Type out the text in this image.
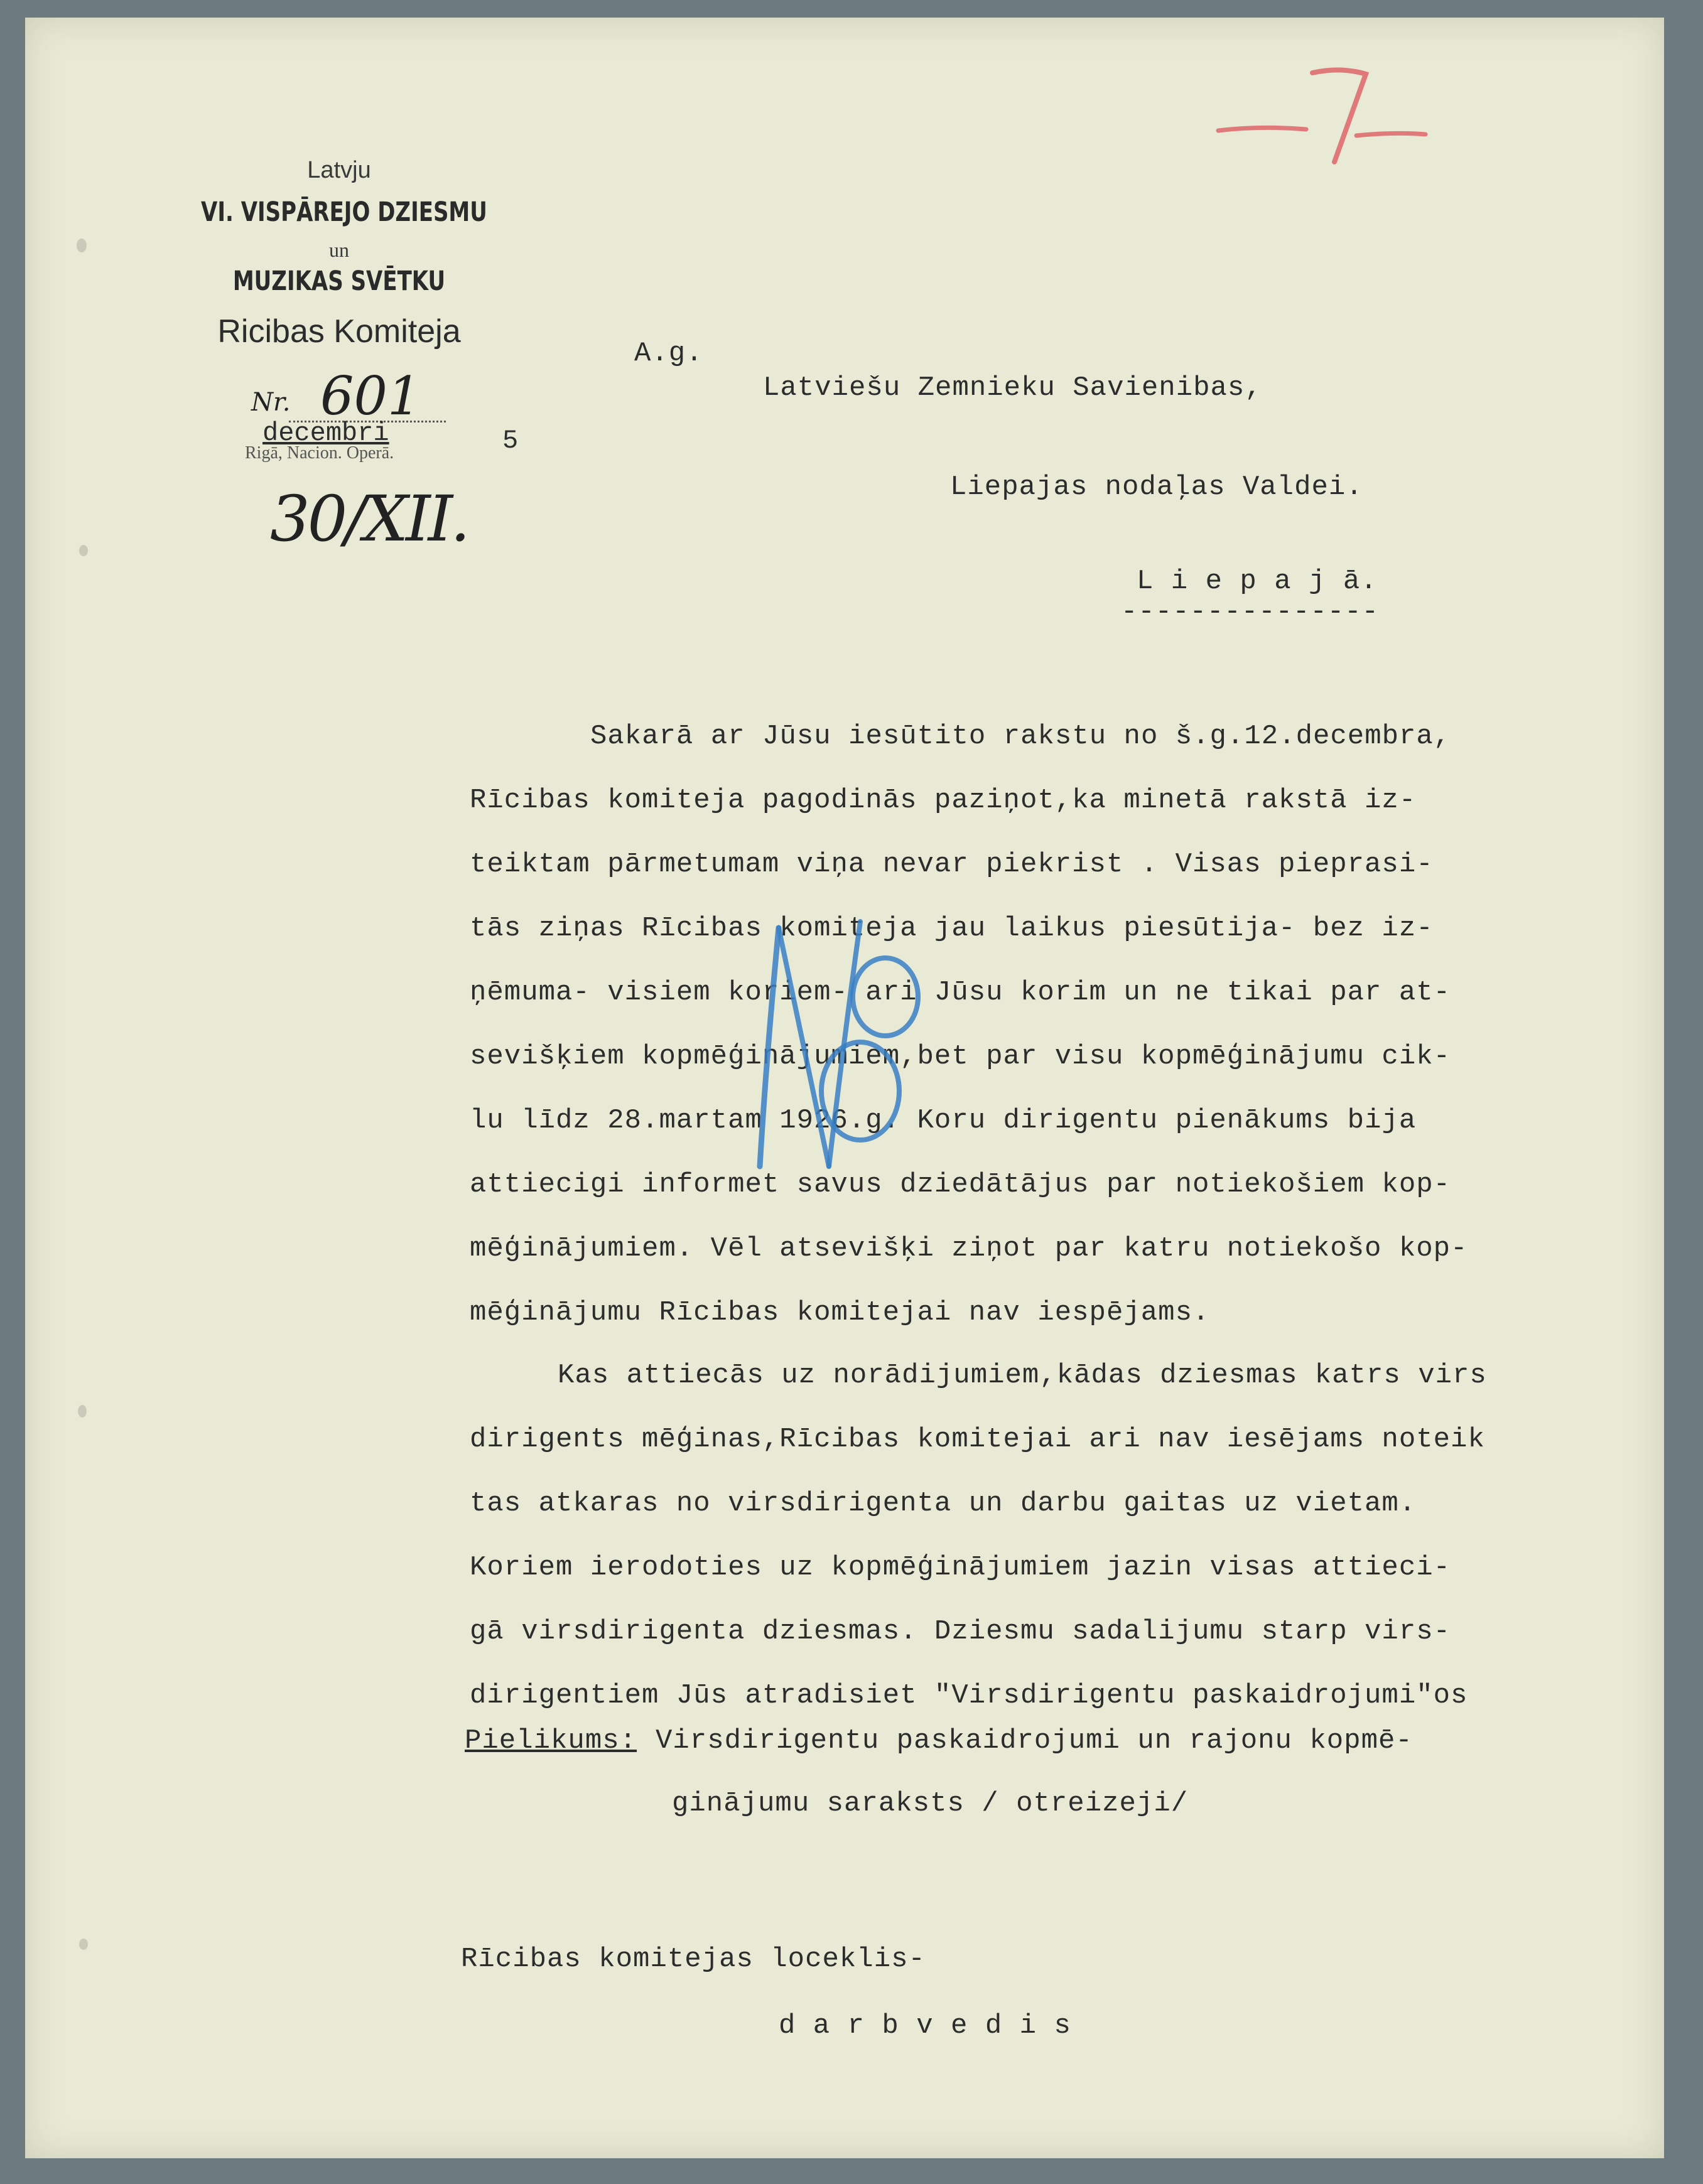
Latvju
VI. VISPĀREJO DZIESMU
un
MUZIKAS SVĒTKU
Ricibas Komiteja
Nr. 601
decembri	5
Rigā, Nacion. Operā.
30/XII.
A.g.
Latviešu Zemnieku Savienibas,
Liepajas nodaļas Valdei.
L i e p a j ā.
---------------
Sakarā ar Jūsu iesūtito rakstu no š.g.12.decembra,
Rīcibas komiteja pagodinās paziņot,ka minetā rakstā iz-
teiktam pārmetumam viņa nevar piekrist . Visas pieprasi-
tās ziņas Rīcibas komiteja jau laikus piesūtija- bez iz-
ņēmuma- visiem koriem- ari Jūsu korim un ne tikai par at-
sevišķiem kopmēģinājumiem,bet par visu kopmēģinājumu cik-
lu līdz 28.martam 1926.g. Koru dirigentu pienākums bija
attiecigi informet savus dziedātājus par notiekošiem kop-
mēģinājumiem. Vēl atsevišķi ziņot par katru notiekošo kop-
mēģinājumu Rīcibas komitejai nav iespējams.
Kas attiecās uz norādijumiem,kādas dziesmas katrs virs
dirigents mēģinas,Rīcibas komitejai ari nav iesējams noteik
tas atkaras no virsdirigenta un darbu gaitas uz vietam.
Koriem ierodoties uz kopmēģinājumiem jazin visas attieci-
gā virsdirigenta dziesmas. Dziesmu sadalijumu starp virs-
dirigentiem Jūs atradisiet "Virsdirigentu paskaidrojumi"os
Pielikums: Virsdirigentu paskaidrojumi un rajonu kopmē-
ginājumu saraksts / otreizeji/
Rīcibas komitejas loceklis-
d a r b v e d i s
